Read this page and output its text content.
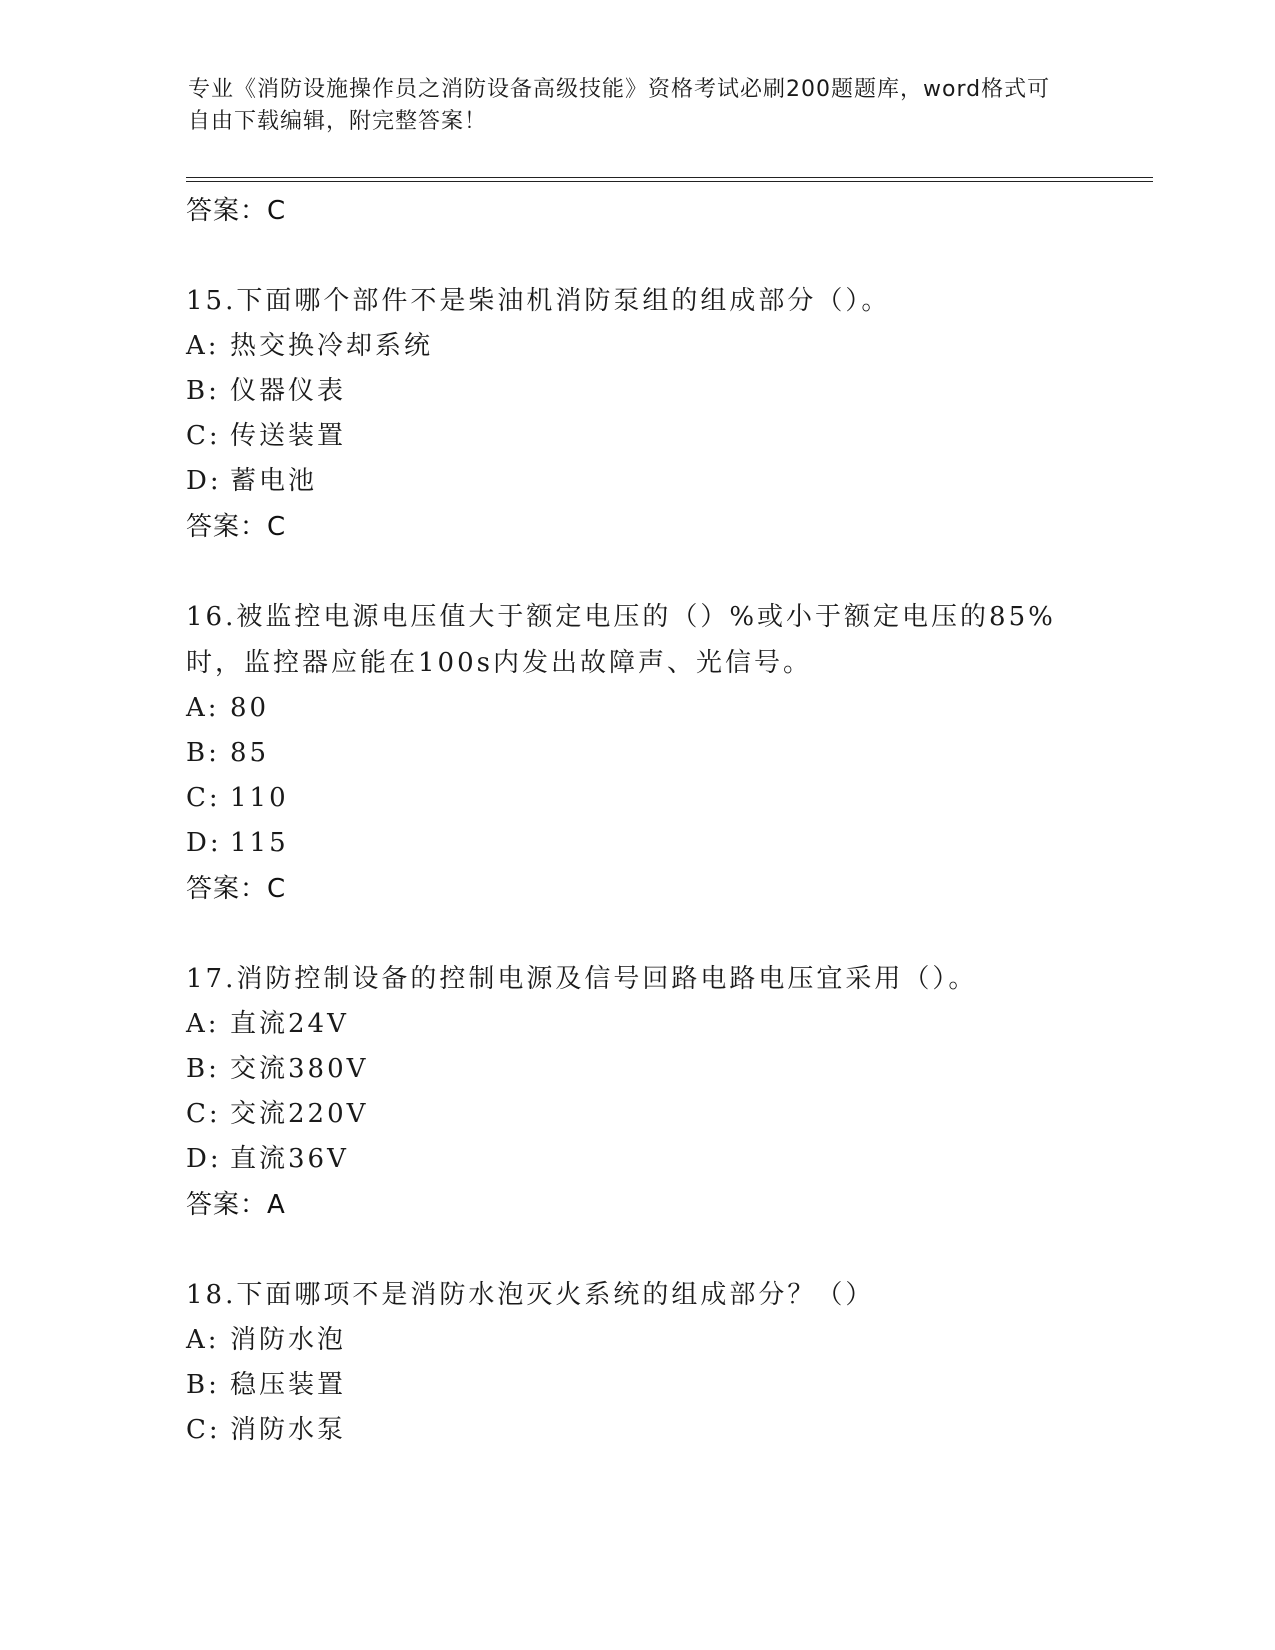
专业《消防设施操作员之消防设备高级技能》资格考试必刷200题题库，word格式可自由下载编辑，附完整答案！
答案：C
15.下面哪个部件不是柴油机消防泵组的组成部分（）。
A: 热交换冷却系统
B: 仪器仪表
C: 传送装置
D: 蓄电池
答案：C
16.被监控电源电压值大于额定电压的（）%或小于额定电压的85%时，监控器应能在100s内发出故障声、光信号。
A: 80
B: 85
C: 110
D: 115
答案：C
17.消防控制设备的控制电源及信号回路电路电压宜采用（）。
A: 直流24V
B: 交流380V
C: 交流220V
D: 直流36V
答案：A
18.下面哪项不是消防水泡灭火系统的组成部分？（）
A: 消防水泡
B: 稳压装置
C: 消防水泵
